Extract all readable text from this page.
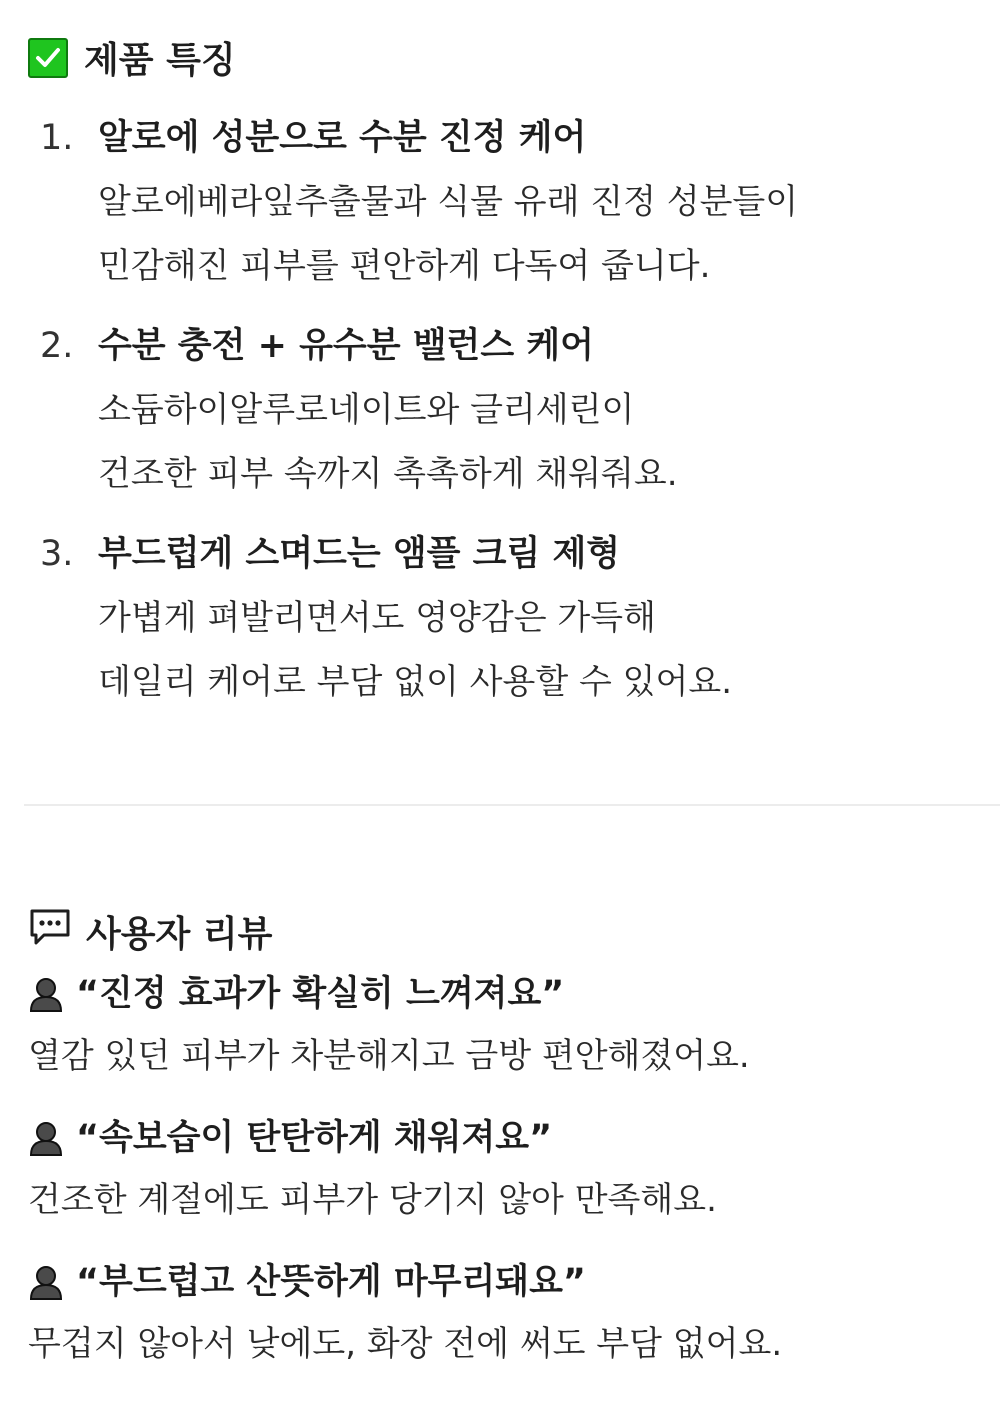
제품 특징
1. 알로에 성분으로 수분 진정 케어
알로에베라잎추출물과 식물 유래 진정 성분들이
민감해진 피부를 편안하게 다독여 줍니다.
2. 수분 충전 + 유수분 밸런스 케어
소듐하이알루로네이트와 글리세린이
건조한 피부 속까지 촉촉하게 채워줘요.
3. 부드럽게 스며드는 앰플 크림 제형
가볍게 펴발리면서도 영양감은 가득해
데일리 케어로 부담 없이 사용할 수 있어요.
사용자 리뷰
“진정 효과가 확실히 느껴져요”
열감 있던 피부가 차분해지고 금방 편안해졌어요.
“속보습이 탄탄하게 채워져요”
건조한 계절에도 피부가 당기지 않아 만족해요.
“부드럽고 산뜻하게 마무리돼요”
무겁지 않아서 낮에도, 화장 전에 써도 부담 없어요.
